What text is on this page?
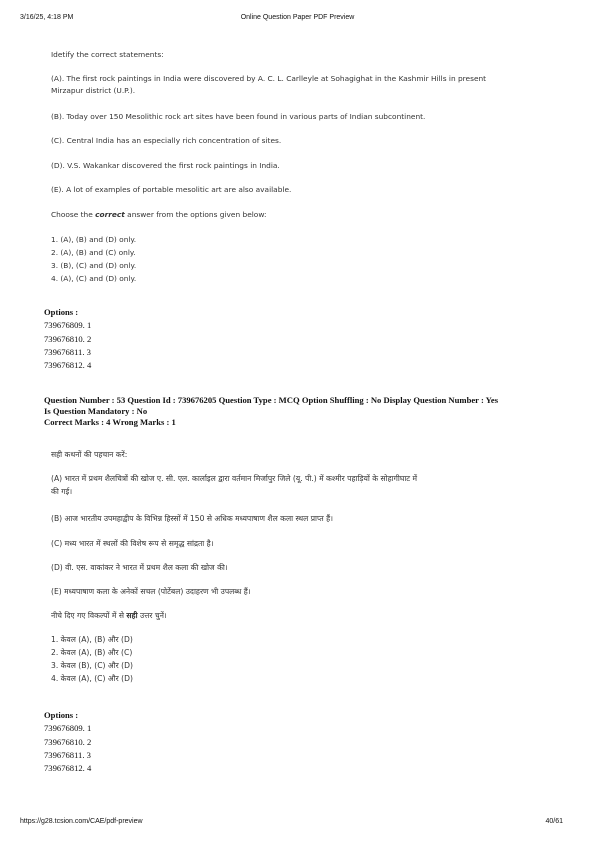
3/16/25, 4:18 PM	Online Question Paper PDF Preview

Idetify the correct statements:

(A). The first rock paintings in India were discovered by A. C. L. Carlleyle at Sohagighat in the Kashmir Hills in present

Mirzapur district (U.P.).

(B). Today over 150 Mesolithic rock art sites have been found in various parts of Indian subcontinent.

(C). Central India has an especially rich concentration of sites.

(D). V.S. Wakankar discovered the first rock paintings in India.

(E). A lot of examples of portable mesolitic art are also available.

Choose the correct answer from the options given below:

1. (A), (B) and (D) only.
2. (A), (B) and (C) only.
3. (B), (C) and (D) only.
4. (A), (C) and (D) only.
Options :
739676809. 1
739676810. 2
739676811. 3
739676812. 4
Question Number : 53 Question Id : 739676205 Question Type : MCQ Option Shuffling : No Display Question Number : Yes
Is Question Mandatory : No
Correct Marks : 4 Wrong Marks : 1

सही कथनों की पहचान करें:

(A) भारत में प्रथम शैलचित्रों की खोज ए. सी. एल. कार्लाइल द्वारा वर्तमान मिर्जापुर जिले (यू. पी.) में कश्मीर पहाड़ियों के सोहागीघाट में

की गई।

(B) आज भारतीय उपमहाद्वीप के विभिन्न हिस्सों में 150 से अधिक मध्यपाषाण शैल कला स्थल प्राप्त हैं।

(C) मध्य भारत में स्थलों की विशेष रूप से समृद्ध सांद्रता है।

(D) वी. एस. वाकांकर ने भारत में प्रथम शैल कला की खोज की।

(E) मध्यपाषाण कला के अनेकों सचल (पोर्टेबल) उदाहरण भी उपलब्ध हैं।

नीचे दिए गए विकल्पों में से सही उत्तर चुनें।

1. केवल (A), (B) और (D)
2. केवल (A), (B) और (C)
3. केवल (B), (C) और (D)
4. केवल (A), (C) और (D)
Options :
739676809. 1
739676810. 2
739676811. 3
739676812. 4
https://g28.tcsion.com/CAE/pdf-preview	40/61
